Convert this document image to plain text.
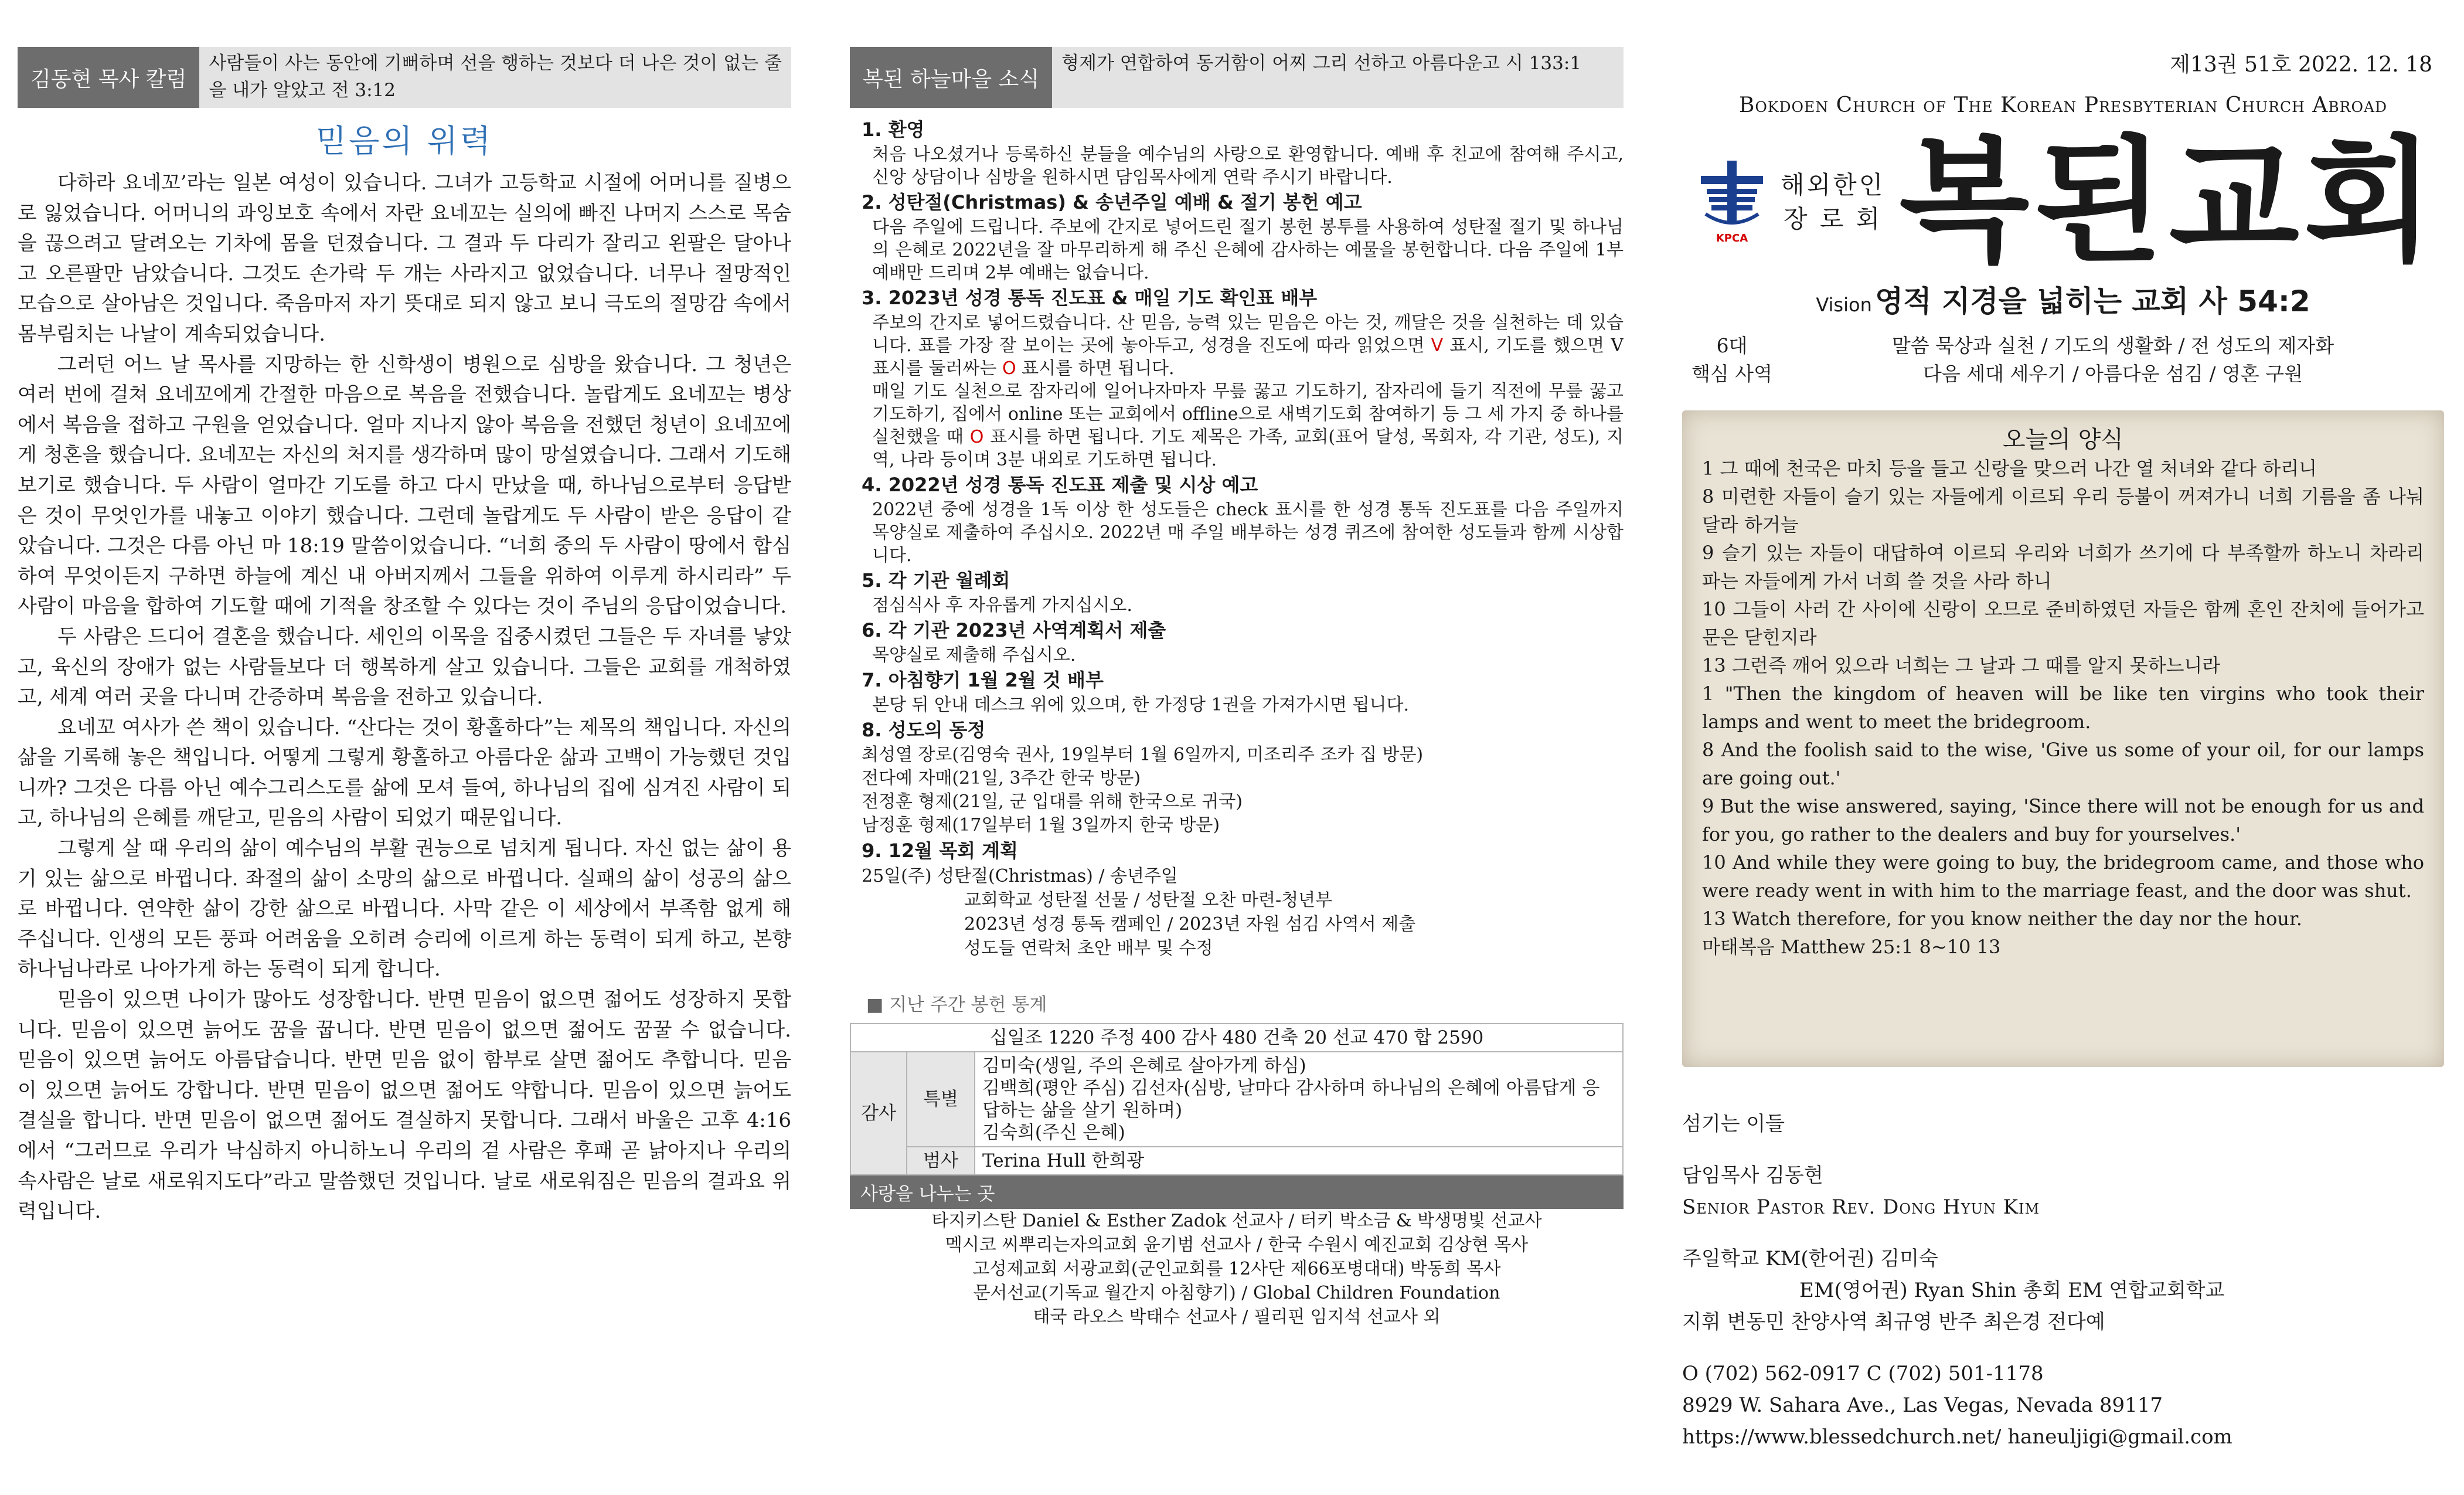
김동현 목사 칼럼
사람들이 사는 동안에 기뻐하며 선을 행하는 것보다 더 나은 것이 없는 줄을 내가 알았고 전 3:12
믿음의 위력

다하라 요네꼬’라는 일본 여성이 있습니다. 그녀가 고등학교 시절에 어머니를 질병으로 잃었습니다. 어머니의 과잉보호 속에서 자란 요네꼬는 실의에 빠진 나머지 스스로 목숨을 끊으려고 달려오는 기차에 몸을 던졌습니다. 그 결과 두 다리가 잘리고 왼팔은 달아나고 오른팔만 남았습니다. 그것도 손가락 두 개는 사라지고 없었습니다. 너무나 절망적인 모습으로 살아남은 것입니다. 죽음마저 자기 뜻대로 되지 않고 보니 극도의 절망감 속에서 몸부림치는 나날이 계속되었습니다.

그러던 어느 날 목사를 지망하는 한 신학생이 병원으로 심방을 왔습니다. 그 청년은 여러 번에 걸쳐 요네꼬에게 간절한 마음으로 복음을 전했습니다. 놀랍게도 요네꼬는 병상에서 복음을 접하고 구원을 얻었습니다. 얼마 지나지 않아 복음을 전했던 청년이 요네꼬에게 청혼을 했습니다. 요네꼬는 자신의 처지를 생각하며 많이 망설였습니다. 그래서 기도해 보기로 했습니다. 두 사람이 얼마간 기도를 하고 다시 만났을 때, 하나님으로부터 응답받은 것이 무엇인가를 내놓고 이야기 했습니다. 그런데 놀랍게도 두 사람이 받은 응답이 같았습니다. 그것은 다름 아닌 마 18:19 말씀이었습니다. “너희 중의 두 사람이 땅에서 합심하여 무엇이든지 구하면 하늘에 계신 내 아버지께서 그들을 위하여 이루게 하시리라” 두 사람이 마음을 합하여 기도할 때에 기적을 창조할 수 있다는 것이 주님의 응답이었습니다.

두 사람은 드디어 결혼을 했습니다. 세인의 이목을 집중시켰던 그들은 두 자녀를 낳았고, 육신의 장애가 없는 사람들보다 더 행복하게 살고 있습니다. 그들은 교회를 개척하였고, 세계 여러 곳을 다니며 간증하며 복음을 전하고 있습니다.

요네꼬 여사가 쓴 책이 있습니다. “산다는 것이 황홀하다”는 제목의 책입니다. 자신의 삶을 기록해 놓은 책입니다. 어떻게 그렇게 황홀하고 아름다운 삶과 고백이 가능했던 것입니까? 그것은 다름 아닌 예수그리스도를 삶에 모셔 들여, 하나님의 집에 심겨진 사람이 되고, 하나님의 은혜를 깨닫고, 믿음의 사람이 되었기 때문입니다.

그렇게 살 때 우리의 삶이 예수님의 부활 권능으로 넘치게 됩니다. 자신 없는 삶이 용기 있는 삶으로 바뀝니다. 좌절의 삶이 소망의 삶으로 바뀝니다. 실패의 삶이 성공의 삶으로 바뀝니다. 연약한 삶이 강한 삶으로 바뀝니다. 사막 같은 이 세상에서 부족함 없게 해 주십니다. 인생의 모든 풍파 어려움을 오히려 승리에 이르게 하는 동력이 되게 하고, 본향 하나님나라로 나아가게 하는 동력이 되게 합니다.

믿음이 있으면 나이가 많아도 성장합니다. 반면 믿음이 없으면 젊어도 성장하지 못합니다. 믿음이 있으면 늙어도 꿈을 꿉니다. 반면 믿음이 없으면 젊어도 꿈꿀 수 없습니다. 믿음이 있으면 늙어도 아름답습니다. 반면 믿음 없이 함부로 살면 젊어도 추합니다. 믿음이 있으면 늙어도 강합니다. 반면 믿음이 없으면 젊어도 약합니다. 믿음이 있으면 늙어도 결실을 합니다. 반면 믿음이 없으면 젊어도 결실하지 못합니다. 그래서 바울은 고후 4:16에서 “그러므로 우리가 낙심하지 아니하노니 우리의 겉 사람은 후패 곧 낡아지나 우리의 속사람은 날로 새로워지도다”라고 말씀했던 것입니다. 날로 새로워짐은 믿음의 결과요 위력입니다.

복된 하늘마을 소식
형제가 연합하여 동거함이 어찌 그리 선하고 아름다운고 시 133:1
1. 환영
처음 나오셨거나 등록하신 분들을 예수님의 사랑으로 환영합니다. 예배 후 친교에 참여해 주시고, 신앙 상담이나 심방을 원하시면 담임목사에게 연락 주시기 바랍니다.
2. 성탄절(Christmas) & 송년주일 예배 & 절기 봉헌 예고
다음 주일에 드립니다. 주보에 간지로 넣어드린 절기 봉헌 봉투를 사용하여 성탄절 절기 및 하나님의 은혜로 2022년을 잘 마무리하게 해 주신 은혜에 감사하는 예물을 봉헌합니다. 다음 주일에 1부 예배만 드리며 2부 예배는 없습니다.
3. 2023년 성경 통독 진도표 & 매일 기도 확인표 배부
주보의 간지로 넣어드렸습니다. 산 믿음, 능력 있는 믿음은 아는 것, 깨달은 것을 실천하는 데 있습니다. 표를 가장 잘 보이는 곳에 놓아두고, 성경을 진도에 따라 읽었으면 V 표시, 기도를 했으면 V 표시를 둘러싸는 O 표시를 하면 됩니다.
매일 기도 실천으로 잠자리에 일어나자마자 무릎 꿇고 기도하기, 잠자리에 들기 직전에 무릎 꿇고 기도하기, 집에서 online 또는 교회에서 offline으로 새벽기도회 참여하기 등 그 세 가지 중 하나를 실천했을 때 O 표시를 하면 됩니다. 기도 제목은 가족, 교회(표어 달성, 목회자, 각 기관, 성도), 지역, 나라 등이며 3분 내외로 기도하면 됩니다.
4. 2022년 성경 통독 진도표 제출 및 시상 예고
2022년 중에 성경을 1독 이상 한 성도들은 check 표시를 한 성경 통독 진도표를 다음 주일까지 목양실로 제출하여 주십시오. 2022년 매 주일 배부하는 성경 퀴즈에 참여한 성도들과 함께 시상합니다.
5. 각 기관 월례회
점심식사 후 자유롭게 가지십시오.
6. 각 기관 2023년 사역계획서 제출
목양실로 제출해 주십시오.
7. 아침향기 1월 2월 것 배부
본당 뒤 안내 데스크 위에 있으며, 한 가정당 1권을 가져가시면 됩니다.
8. 성도의 동정
최성열 장로(김영숙 권사, 19일부터 1월 6일까지, 미조리주 조카 집 방문)
전다예 자매(21일, 3주간 한국 방문)
전정훈 형제(21일, 군 입대를 위해 한국으로 귀국)
남정훈 형제(17일부터 1월 3일까지 한국 방문)
9. 12월 목회 계획
25일(주) 성탄절(Christmas) / 송년주일
교회학교 성탄절 선물 / 성탄절 오찬 마련-청년부
2023년 성경 통독 캠페인 / 2023년 자원 섬김 사역서 제출
성도들 연락처 초안 배부 및 수정
■ 지난 주간 봉헌 통계
십일조 1220 주정 400 감사 480 건축 20 선교 470 합 2590		
감사	특별	김미숙(생일, 주의 은혜로 살아가게 하심)
김백희(평안 주심) 김선자(심방, 날마다 감사하며 하나님의 은혜에 아름답게 응답하는 삶을 살기 원하며)
김숙희(주신 은혜)

	범사	Terina Hull 한희광
사랑을 나누는 곳
타지키스탄 Daniel & Esther Zadok 선교사 / 터키 박소금 & 박생명빛 선교사
멕시코 씨뿌리는자의교회 윤기범 선교사 / 한국 수원시 예진교회 김상현 목사
고성제교회 서광교회(군인교회를 12사단 제66포병대대) 박동희 목사
문서선교(기독교 월간지 아침향기) / Global Children Foundation
태국 라오스 박태수 선교사 / 필리핀 임지석 선교사 외
제13권 51호 2022. 12. 18
Bokdoen Church of The Korean Presbyterian Church Abroad
KPCA
해외한인
장 로 회 복된교회
Vision 영적 지경을 넓히는 교회 사 54:2
6대
핵심 사역
말씀 묵상과 실천 / 기도의 생활화 / 전 성도의 제자화
다음 세대 세우기 / 아름다운 섬김 / 영혼 구원
오늘의 양식

1 그 때에 천국은 마치 등을 들고 신랑을 맞으러 나간 열 처녀와 같다 하리니

8 미련한 자들이 슬기 있는 자들에게 이르되 우리 등불이 꺼져가니 너희 기름을 좀 나눠 달라 하거늘

9 슬기 있는 자들이 대답하여 이르되 우리와 너희가 쓰기에 다 부족할까 하노니 차라리 파는 자들에게 가서 너희 쓸 것을 사라 하니

10 그들이 사러 간 사이에 신랑이 오므로 준비하였던 자들은 함께 혼인 잔치에 들어가고 문은 닫힌지라

13 그런즉 깨어 있으라 너희는 그 날과 그 때를 알지 못하느니라

1 "Then the kingdom of heaven will be like ten virgins who took their lamps and went to meet the bridegroom.

8 And the foolish said to the wise, 'Give us some of your oil, for our lamps are going out.'

9 But the wise answered, saying, 'Since there will not be enough for us and for you, go rather to the dealers and buy for yourselves.'

10 And while they were going to buy, the bridegroom came, and those who were ready went in with him to the marriage feast, and the door was shut.

13 Watch therefore, for you know neither the day nor the hour.

마태복음 Matthew 25:1 8~10 13

섬기는 이들
담임목사 김동현
Senior Pastor Rev. Dong Hyun Kim
주일학교 KM(한어권) 김미숙
EM(영어권) Ryan Shin 총회 EM 연합교회학교
지휘 변동민 찬양사역 최규영 반주 최은경 전다예
O (702) 562-0917 C (702) 501-1178
8929 W. Sahara Ave., Las Vegas, Nevada 89117
https://www.blessedchurch.net/ haneuljigi@gmail.com
